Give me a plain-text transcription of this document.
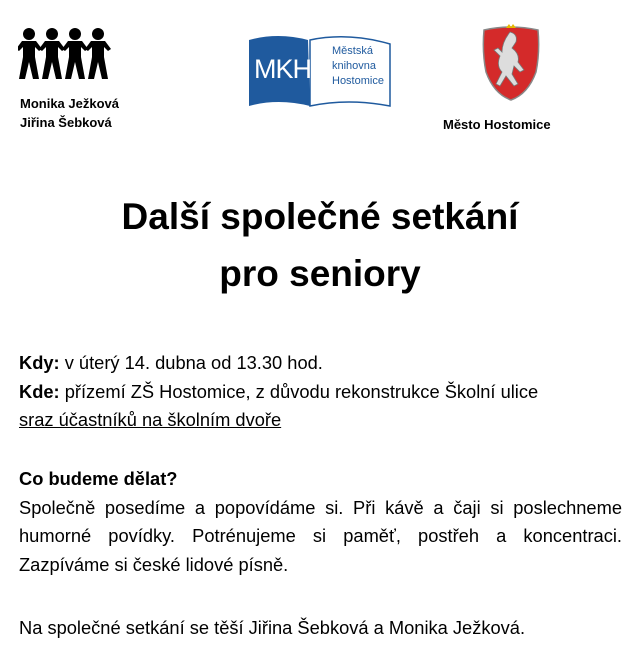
Monika Ježková
Jiřina Šebková
MKH
Městská
knihovna
Hostomice
Město Hostomice
Další společné setkání
pro seniory
Kdy: v úterý 14. dubna od 13.30 hod.
Kde: přízemí ZŠ Hostomice, z důvodu rekonstrukce Školní ulice
sraz účastníků na školním dvoře
Co budeme dělat?
Společně posedíme a popovídáme si. Při kávě a čaji si poslechneme humorné povídky. Potrénujeme si paměť, postřeh a koncentraci. Zazpíváme si české lidové písně.
Na společné setkání se těší Jiřina Šebková a Monika Ježková.
